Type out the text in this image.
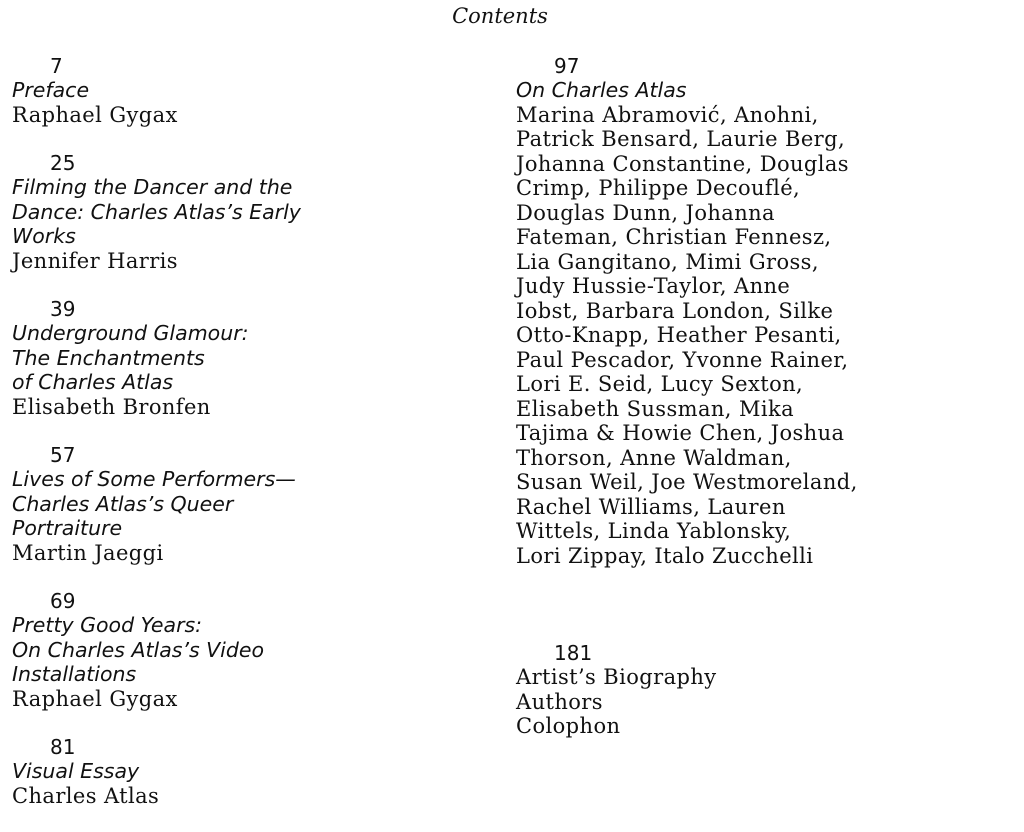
Contents
7
Preface
Raphael Gygax
25
Filming the Dancer and the
Dance: Charles Atlas’s Early
Works
Jennifer Harris
39
Underground Glamour:
The Enchantments
of Charles Atlas
Elisabeth Bronfen
57
Lives of Some Performers—
Charles Atlas’s Queer
Portraiture
Martin Jaeggi
69
Pretty Good Years:
On Charles Atlas’s Video
Installations
Raphael Gygax
81
Visual Essay
Charles Atlas
97
On Charles Atlas
Marina Abramović, Anohni,
Patrick Bensard, Laurie Berg,
Johanna Constantine, Douglas
Crimp, Philippe Decouflé,
Douglas Dunn, Johanna
Fateman, Christian Fennesz,
Lia Gangitano, Mimi Gross,
Judy Hussie-Taylor, Anne
Iobst, Barbara London, Silke
Otto-Knapp, Heather Pesanti,
Paul Pescador, Yvonne Rainer,
Lori E. Seid, Lucy Sexton,
Elisabeth Sussman, Mika
Tajima & Howie Chen, Joshua
Thorson, Anne Waldman,
Susan Weil, Joe Westmoreland,
Rachel Williams, Lauren
Wittels, Linda Yablonsky,
Lori Zippay, Italo Zucchelli
181
Artist’s Biography
Authors
Colophon
